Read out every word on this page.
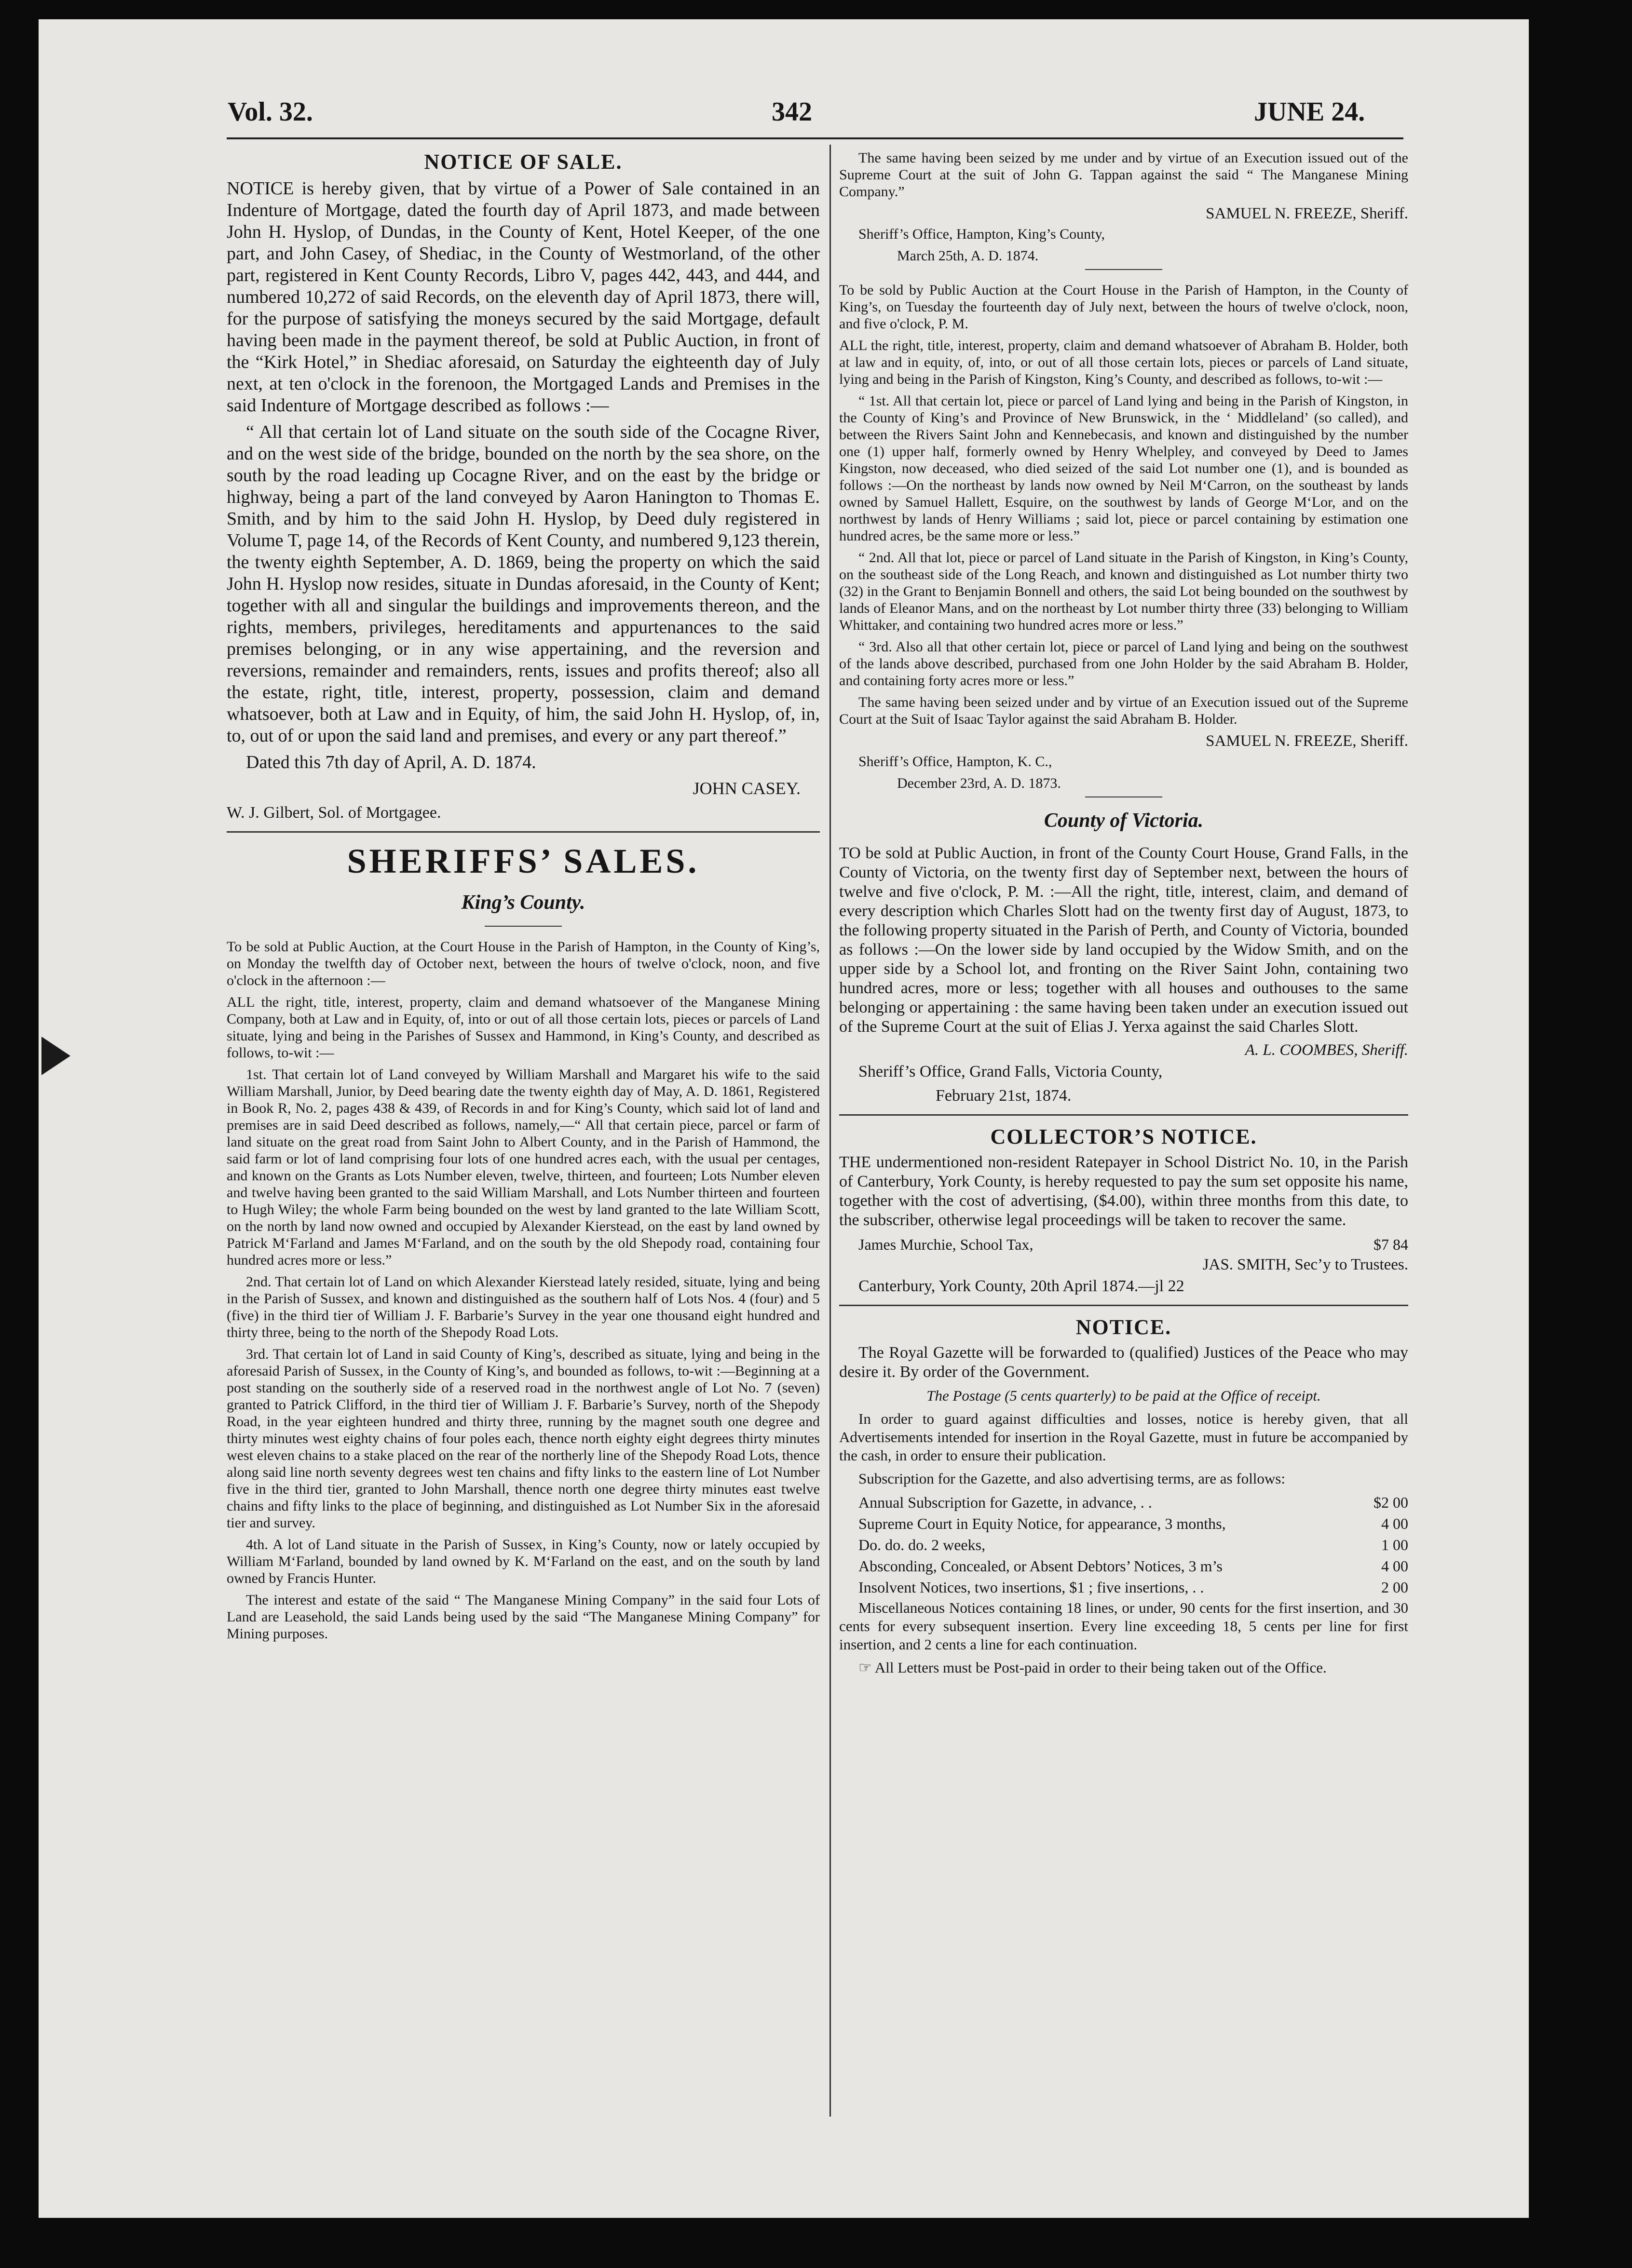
Vol. 32.	342	JUNE 24.
NOTICE OF SALE.

NOTICE is hereby given, that by virtue of a Power of Sale contained in an Indenture of Mortgage, dated the fourth day of April 1873, and made between John H. Hyslop, of Dundas, in the County of Kent, Hotel Keeper, of the one part, and John Casey, of Shediac, in the County of Westmorland, of the other part, registered in Kent County Records, Libro V, pages 442, 443, and 444, and numbered 10,272 of said Records, on the eleventh day of April 1873, there will, for the purpose of satisfying the moneys secured by the said Mortgage, default having been made in the payment thereof, be sold at Public Auction, in front of the “Kirk Hotel,” in Shediac aforesaid, on Saturday the eighteenth day of July next, at ten o'clock in the forenoon, the Mortgaged Lands and Premises in the said Indenture of Mortgage described as follows :—

“ All that certain lot of Land situate on the south side of the Cocagne River, and on the west side of the bridge, bounded on the north by the sea shore, on the south by the road leading up Cocagne River, and on the east by the bridge or highway, being a part of the land conveyed by Aaron Hanington to Thomas E. Smith, and by him to the said John H. Hyslop, by Deed duly registered in Volume T, page 14, of the Records of Kent County, and numbered 9,123 therein, the twenty eighth September, A. D. 1869, being the property on which the said John H. Hyslop now resides, situate in Dundas aforesaid, in the County of Kent; together with all and singular the buildings and improvements thereon, and the rights, members, privileges, hereditaments and appurtenances to the said premises belonging, or in any wise appertaining, and the reversion and reversions, remainder and remainders, rents, issues and profits thereof; also all the estate, right, title, interest, property, possession, claim and demand whatsoever, both at Law and in Equity, of him, the said John H. Hyslop, of, in, to, out of or upon the said land and premises, and every or any part thereof.”

Dated this 7th day of April, A. D. 1874.

JOHN CASEY.

W. J. Gilbert, Sol. of Mortgagee.

SHERIFFS’ SALES.
King’s County.

To be sold at Public Auction, at the Court House in the Parish of Hampton, in the County of King’s, on Monday the twelfth day of October next, between the hours of twelve o'clock, noon, and five o'clock in the afternoon :—

ALL the right, title, interest, property, claim and demand whatsoever of the Manganese Mining Company, both at Law and in Equity, of, into or out of all those certain lots, pieces or parcels of Land situate, lying and being in the Parishes of Sussex and Hammond, in King’s County, and described as follows, to-wit :—

1st. That certain lot of Land conveyed by William Marshall and Margaret his wife to the said William Marshall, Junior, by Deed bearing date the twenty eighth day of May, A. D. 1861, Registered in Book R, No. 2, pages 438 & 439, of Records in and for King’s County, which said lot of land and premises are in said Deed described as follows, namely,—“ All that certain piece, parcel or farm of land situate on the great road from Saint John to Albert County, and in the Parish of Hammond, the said farm or lot of land comprising four lots of one hundred acres each, with the usual per centages, and known on the Grants as Lots Number eleven, twelve, thirteen, and fourteen; Lots Number eleven and twelve having been granted to the said William Marshall, and Lots Number thirteen and fourteen to Hugh Wiley; the whole Farm being bounded on the west by land granted to the late William Scott, on the north by land now owned and occupied by Alexander Kierstead, on the east by land owned by Patrick M‘Farland and James M‘Farland, and on the south by the old Shepody road, containing four hundred acres more or less.”

2nd. That certain lot of Land on which Alexander Kierstead lately resided, situate, lying and being in the Parish of Sussex, and known and distinguished as the southern half of Lots Nos. 4 (four) and 5 (five) in the third tier of William J. F. Barbarie’s Survey in the year one thousand eight hundred and thirty three, being to the north of the Shepody Road Lots.

3rd. That certain lot of Land in said County of King’s, described as situate, lying and being in the aforesaid Parish of Sussex, in the County of King’s, and bounded as follows, to-wit :—Beginning at a post standing on the southerly side of a reserved road in the northwest angle of Lot No. 7 (seven) granted to Patrick Clifford, in the third tier of William J. F. Barbarie’s Survey, north of the Shepody Road, in the year eighteen hundred and thirty three, running by the magnet south one degree and thirty minutes west eighty chains of four poles each, thence north eighty eight degrees thirty minutes west eleven chains to a stake placed on the rear of the northerly line of the Shepody Road Lots, thence along said line north seventy degrees west ten chains and fifty links to the eastern line of Lot Number five in the third tier, granted to John Marshall, thence north one degree thirty minutes east twelve chains and fifty links to the place of beginning, and distinguished as Lot Number Six in the aforesaid tier and survey.

4th. A lot of Land situate in the Parish of Sussex, in King’s County, now or lately occupied by William M‘Farland, bounded by land owned by K. M‘Farland on the east, and on the south by land owned by Francis Hunter.

The interest and estate of the said “ The Manganese Mining Company” in the said four Lots of Land are Leasehold, the said Lands being used by the said “The Manganese Mining Company” for Mining purposes.

The same having been seized by me under and by virtue of an Execution issued out of the Supreme Court at the suit of John G. Tappan against the said “ The Manganese Mining Company.”

SAMUEL N. FREEZE, Sheriff.

Sheriff’s Office, Hampton, King’s County,

March 25th, A. D. 1874.

To be sold by Public Auction at the Court House in the Parish of Hampton, in the County of King’s, on Tuesday the fourteenth day of July next, between the hours of twelve o'clock, noon, and five o'clock, P. M.

ALL the right, title, interest, property, claim and demand whatsoever of Abraham B. Holder, both at law and in equity, of, into, or out of all those certain lots, pieces or parcels of Land situate, lying and being in the Parish of Kingston, King’s County, and described as follows, to-wit :—

“ 1st. All that certain lot, piece or parcel of Land lying and being in the Parish of Kingston, in the County of King’s and Province of New Brunswick, in the ‘ Middleland’ (so called), and between the Rivers Saint John and Kennebecasis, and known and distinguished by the number one (1) upper half, formerly owned by Henry Whelpley, and conveyed by Deed to James Kingston, now deceased, who died seized of the said Lot number one (1), and is bounded as follows :—On the northeast by lands now owned by Neil M‘Carron, on the southeast by lands owned by Samuel Hallett, Esquire, on the southwest by lands of George M‘Lor, and on the northwest by lands of Henry Williams ; said lot, piece or parcel containing by estimation one hundred acres, be the same more or less.”

“ 2nd. All that lot, piece or parcel of Land situate in the Parish of Kingston, in King’s County, on the southeast side of the Long Reach, and known and distinguished as Lot number thirty two (32) in the Grant to Benjamin Bonnell and others, the said Lot being bounded on the southwest by lands of Eleanor Mans, and on the northeast by Lot number thirty three (33) belonging to William Whittaker, and containing two hundred acres more or less.”

“ 3rd. Also all that other certain lot, piece or parcel of Land lying and being on the southwest of the lands above described, purchased from one John Holder by the said Abraham B. Holder, and containing forty acres more or less.”

The same having been seized under and by virtue of an Execution issued out of the Supreme Court at the Suit of Isaac Taylor against the said Abraham B. Holder.

SAMUEL N. FREEZE, Sheriff.

Sheriff’s Office, Hampton, K. C.,

December 23rd, A. D. 1873.

County of Victoria.

TO be sold at Public Auction, in front of the County Court House, Grand Falls, in the County of Victoria, on the twenty first day of September next, between the hours of twelve and five o'clock, P. M. :—All the right, title, interest, claim, and demand of every description which Charles Slott had on the twenty first day of August, 1873, to the following property situated in the Parish of Perth, and County of Victoria, bounded as follows :—On the lower side by land occupied by the Widow Smith, and on the upper side by a School lot, and fronting on the River Saint John, containing two hundred acres, more or less; together with all houses and outhouses to the same belonging or appertaining : the same having been taken under an execution issued out of the Supreme Court at the suit of Elias J. Yerxa against the said Charles Slott.

A. L. COOMBES, Sheriff.

Sheriff’s Office, Grand Falls, Victoria County,

February 21st, 1874.

COLLECTOR’S NOTICE.

THE undermentioned non-resident Ratepayer in School District No. 10, in the Parish of Canterbury, York County, is hereby requested to pay the sum set opposite his name, together with the cost of advertising, ($4.00), within three months from this date, to the subscriber, otherwise legal proceedings will be taken to recover the same.

James Murchie, School Tax,	$7 84
JAS. SMITH, Sec’y to Trustees.

Canterbury, York County, 20th April 1874.—jl 22

NOTICE.

The Royal Gazette will be forwarded to (qualified) Justices of the Peace who may desire it. By order of the Government.

The Postage (5 cents quarterly) to be paid at the Office of receipt.

In order to guard against difficulties and losses, notice is hereby given, that all Advertisements intended for insertion in the Royal Gazette, must in future be accompanied by the cash, in order to ensure their publication.

Subscription for the Gazette, and also advertising terms, are as follows:

Annual Subscription for Gazette, in advance, . .	$2 00
Supreme Court in Equity Notice, for appearance, 3 months,	4 00
Do. do. do. 2 weeks,	1 00
Absconding, Concealed, or Absent Debtors’ Notices, 3 m’s	4 00
Insolvent Notices, two insertions, $1 ; five insertions, . .	2 00

Miscellaneous Notices containing 18 lines, or under, 90 cents for the first insertion, and 30 cents for every subsequent insertion. Every line exceeding 18, 5 cents per line for first insertion, and 2 cents a line for each continuation.

☞ All Letters must be Post-paid in order to their being taken out of the Office.
